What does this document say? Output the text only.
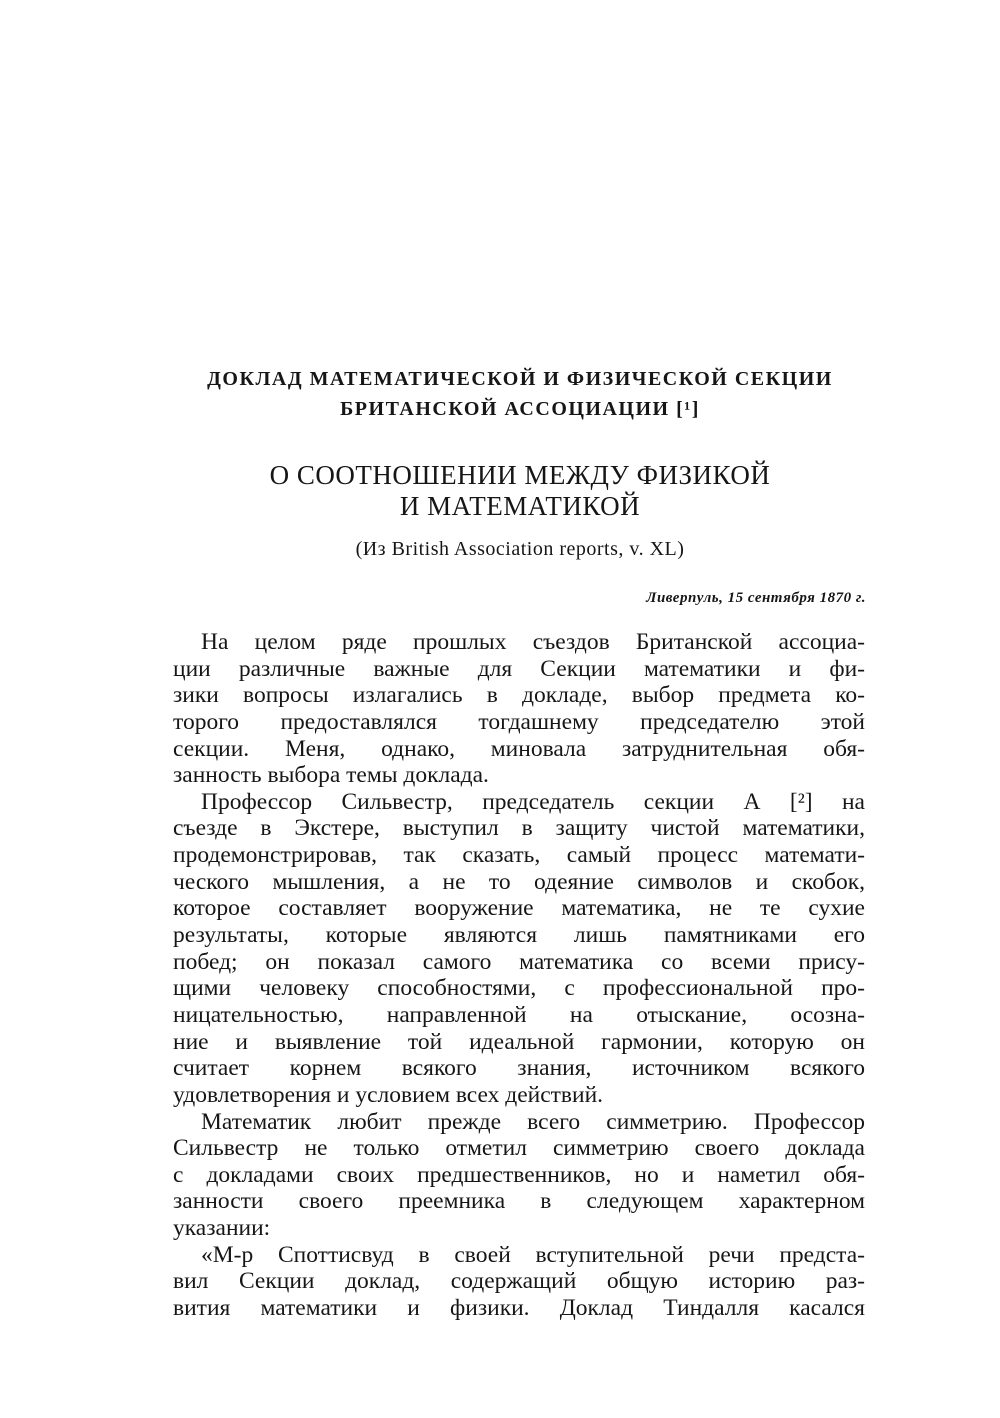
ДОКЛАД МАТЕМАТИЧЕСКОЙ И ФИЗИЧЕСКОЙ СЕКЦИИ
БРИТАНСКОЙ АССОЦИАЦИИ [¹]
О СООТНОШЕНИИ МЕЖДУ ФИЗИКОЙ
И МАТЕМАТИКОЙ
(Из British Association reports, v. XL)
Ливерпуль, 15 сентября 1870 г.
На целом ряде прошлых съездов Британской ассоциа-
ции различные важные для Секции математики и фи-
зики вопросы излагались в докладе, выбор предмета ко-
торого предоставлялся тогдашнему председателю этой
секции. Меня, однако, миновала затруднительная обя-
занность выбора темы доклада.
Профессор Сильвестр, председатель секции А [²] на
съезде в Экстере, выступил в защиту чистой математики,
продемонстрировав, так сказать, самый процесс математи-
ческого мышления, а не то одеяние символов и скобок,
которое составляет вооружение математика, не те сухие
результаты, которые являются лишь памятниками его
побед; он показал самого математика со всеми прису-
щими человеку способностями, с профессиональной про-
ницательностью, направленной на отыскание, осозна-
ние и выявление той идеальной гармонии, которую он
считает корнем всякого знания, источником всякого
удовлетворения и условием всех действий.
Математик любит прежде всего симметрию. Профессор
Сильвестр не только отметил симметрию своего доклада
с докладами своих предшественников, но и наметил обя-
занности своего преемника в следующем характерном
указании:
«М-р Споттисвуд в своей вступительной речи предста-
вил Секции доклад, содержащий общую историю раз-
вития математики и физики. Доклад Тиндалля касался
